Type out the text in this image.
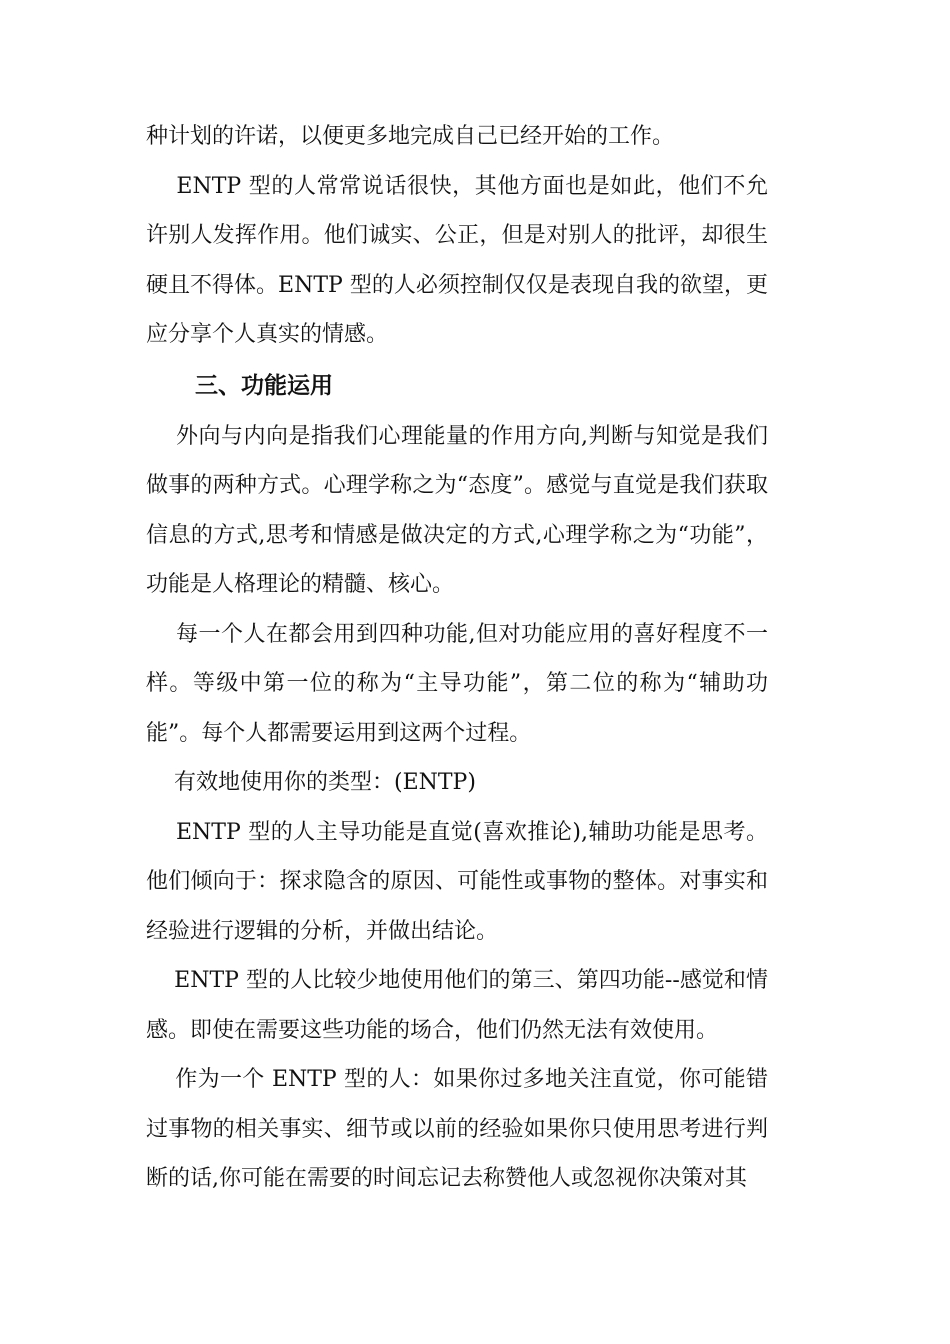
种计划的许诺，以便更多地完成自己已经开始的工作。

ENTP 型的人常常说话很快，其他方面也是如此，他们不允许别人发挥作用。他们诚实、公正，但是对别人的批评，却很生硬且不得体。ENTP 型的人必须控制仅仅是表现自我的欲望，更应分享个人真实的情感。

三、功能运用

外向与内向是指我们心理能量的作用方向,判断与知觉是我们做事的两种方式。心理学称之为“态度”。感觉与直觉是我们获取信息的方式,思考和情感是做决定的方式,心理学称之为“功能”，功能是人格理论的精髓、核心。

每一个人在都会用到四种功能,但对功能应用的喜好程度不一样。等级中第一位的称为“主导功能”，第二位的称为“辅助功能”。每个人都需要运用到这两个过程。

有效地使用你的类型：(ENTP)

ENTP 型的人主导功能是直觉(喜欢推论),辅助功能是思考。他们倾向于：探求隐含的原因、可能性或事物的整体。对事实和经验进行逻辑的分析，并做出结论。

ENTP 型的人比较少地使用他们的第三、第四功能--感觉和情感。即使在需要这些功能的场合，他们仍然无法有效使用。

作为一个 ENTP 型的人：如果你过多地关注直觉，你可能错过事物的相关事实、细节或以前的经验如果你只使用思考进行判断的话,你可能在需要的时间忘记去称赞他人或忽视你决策对其
